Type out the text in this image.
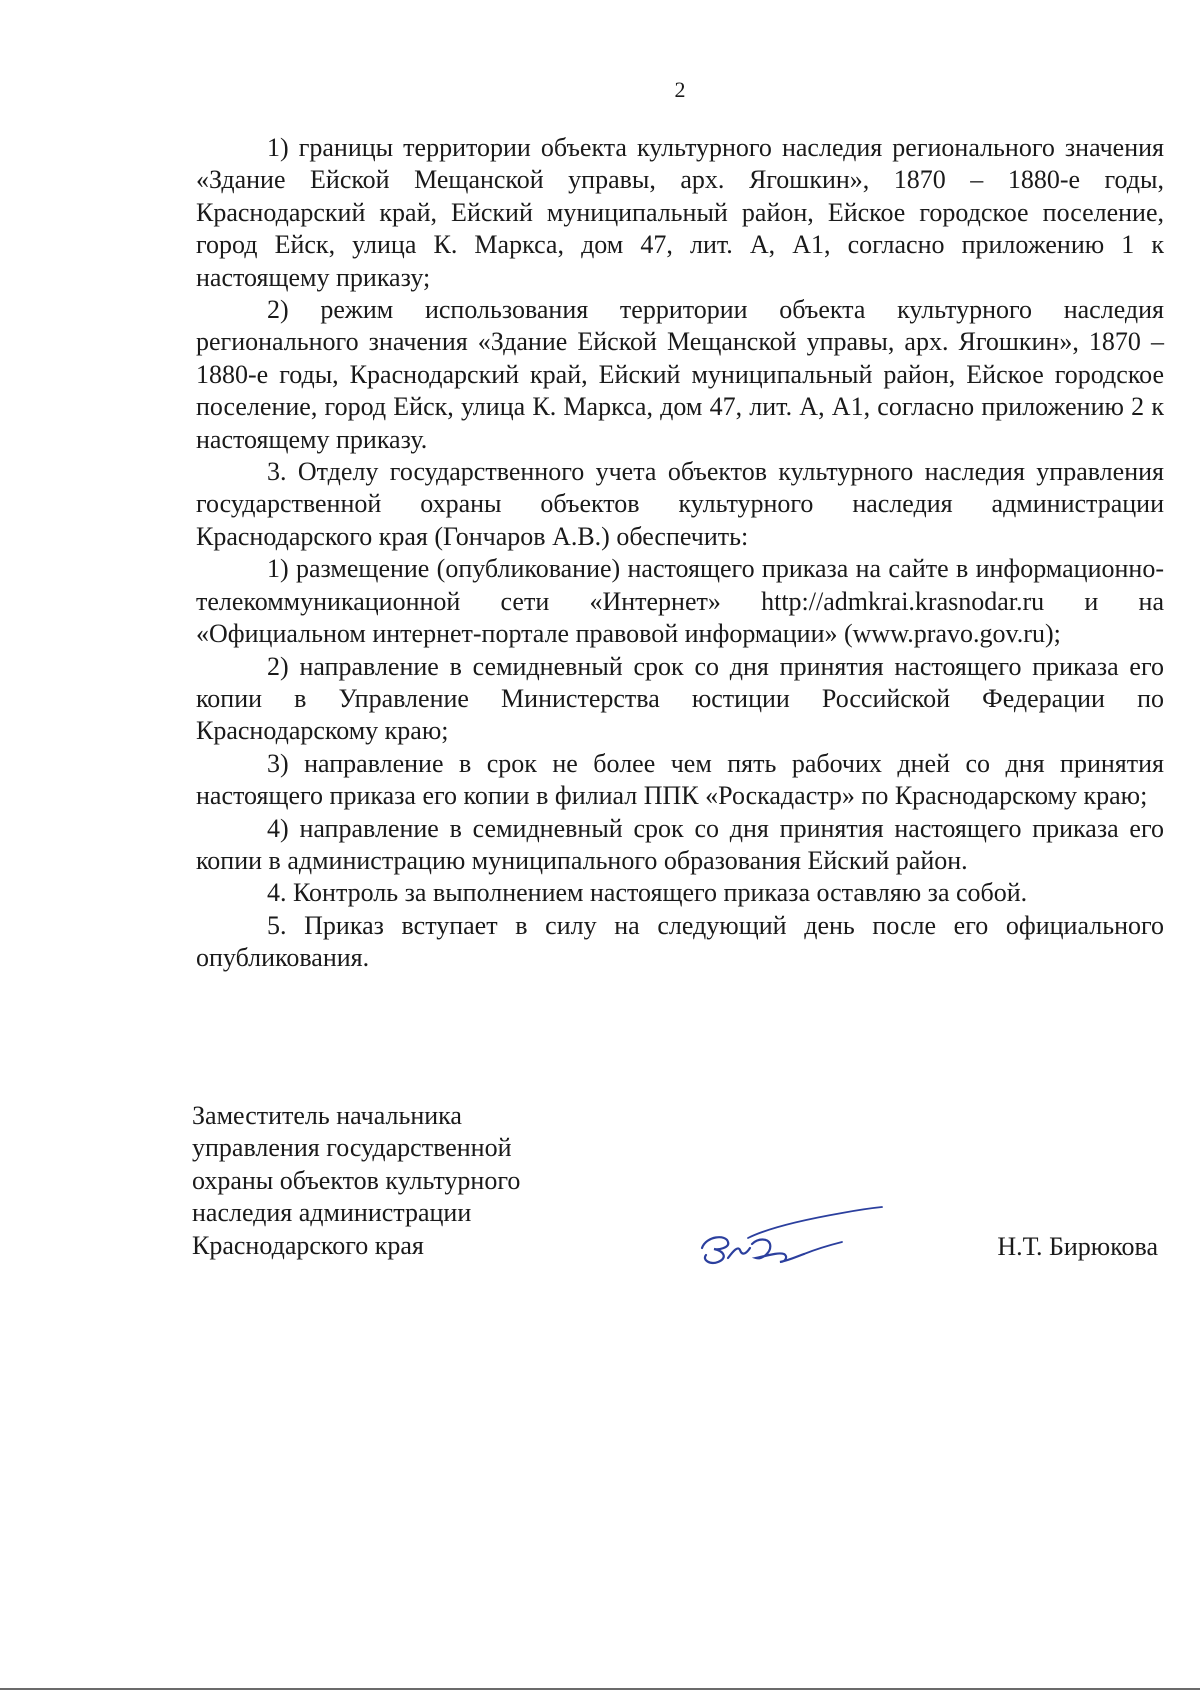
2

1) границы территории объекта культурного наследия регионального значения «Здание Ейской Мещанской управы, арх. Ягошкин», 1870 – 1880-е годы, Краснодарский край, Ейский муниципальный район, Ейское городское поселение, город Ейск, улица К. Маркса, дом 47, лит. А, А1, согласно приложению 1 к настоящему приказу;

2) режим использования территории объекта культурного наследия регионального значения «Здание Ейской Мещанской управы, арх. Ягошкин», 1870 – 1880-е годы, Краснодарский край, Ейский муниципальный район, Ейское городское поселение, город Ейск, улица К. Маркса, дом 47, лит. А, А1, согласно приложению 2 к настоящему приказу.

3. Отделу государственного учета объектов культурного наследия управления государственной охраны объектов культурного наследия администрации Краснодарского края (Гончаров А.В.) обеспечить:

1) размещение (опубликование) настоящего приказа на сайте в информационно-телекоммуникационной сети «Интернет» http://admkrai.krasnodar.ru и на «Официальном интернет-портале правовой информации» (www.pravo.gov.ru);

2) направление в семидневный срок со дня принятия настоящего приказа его копии в Управление Министерства юстиции Российской Федерации по Краснодарскому краю;

3) направление в срок не более чем пять рабочих дней со дня принятия настоящего приказа его копии в филиал ППК «Роскадастр» по Краснодарскому краю;

4) направление в семидневный срок со дня принятия настоящего приказа его копии в администрацию муниципального образования Ейский район.

4. Контроль за выполнением настоящего приказа оставляю за собой.

5. Приказ вступает в силу на следующий день после его официального опубликования.

Заместитель начальника
управления государственной
охраны объектов культурного
наследия администрации
Краснодарского края	Н.Т. Бирюкова
